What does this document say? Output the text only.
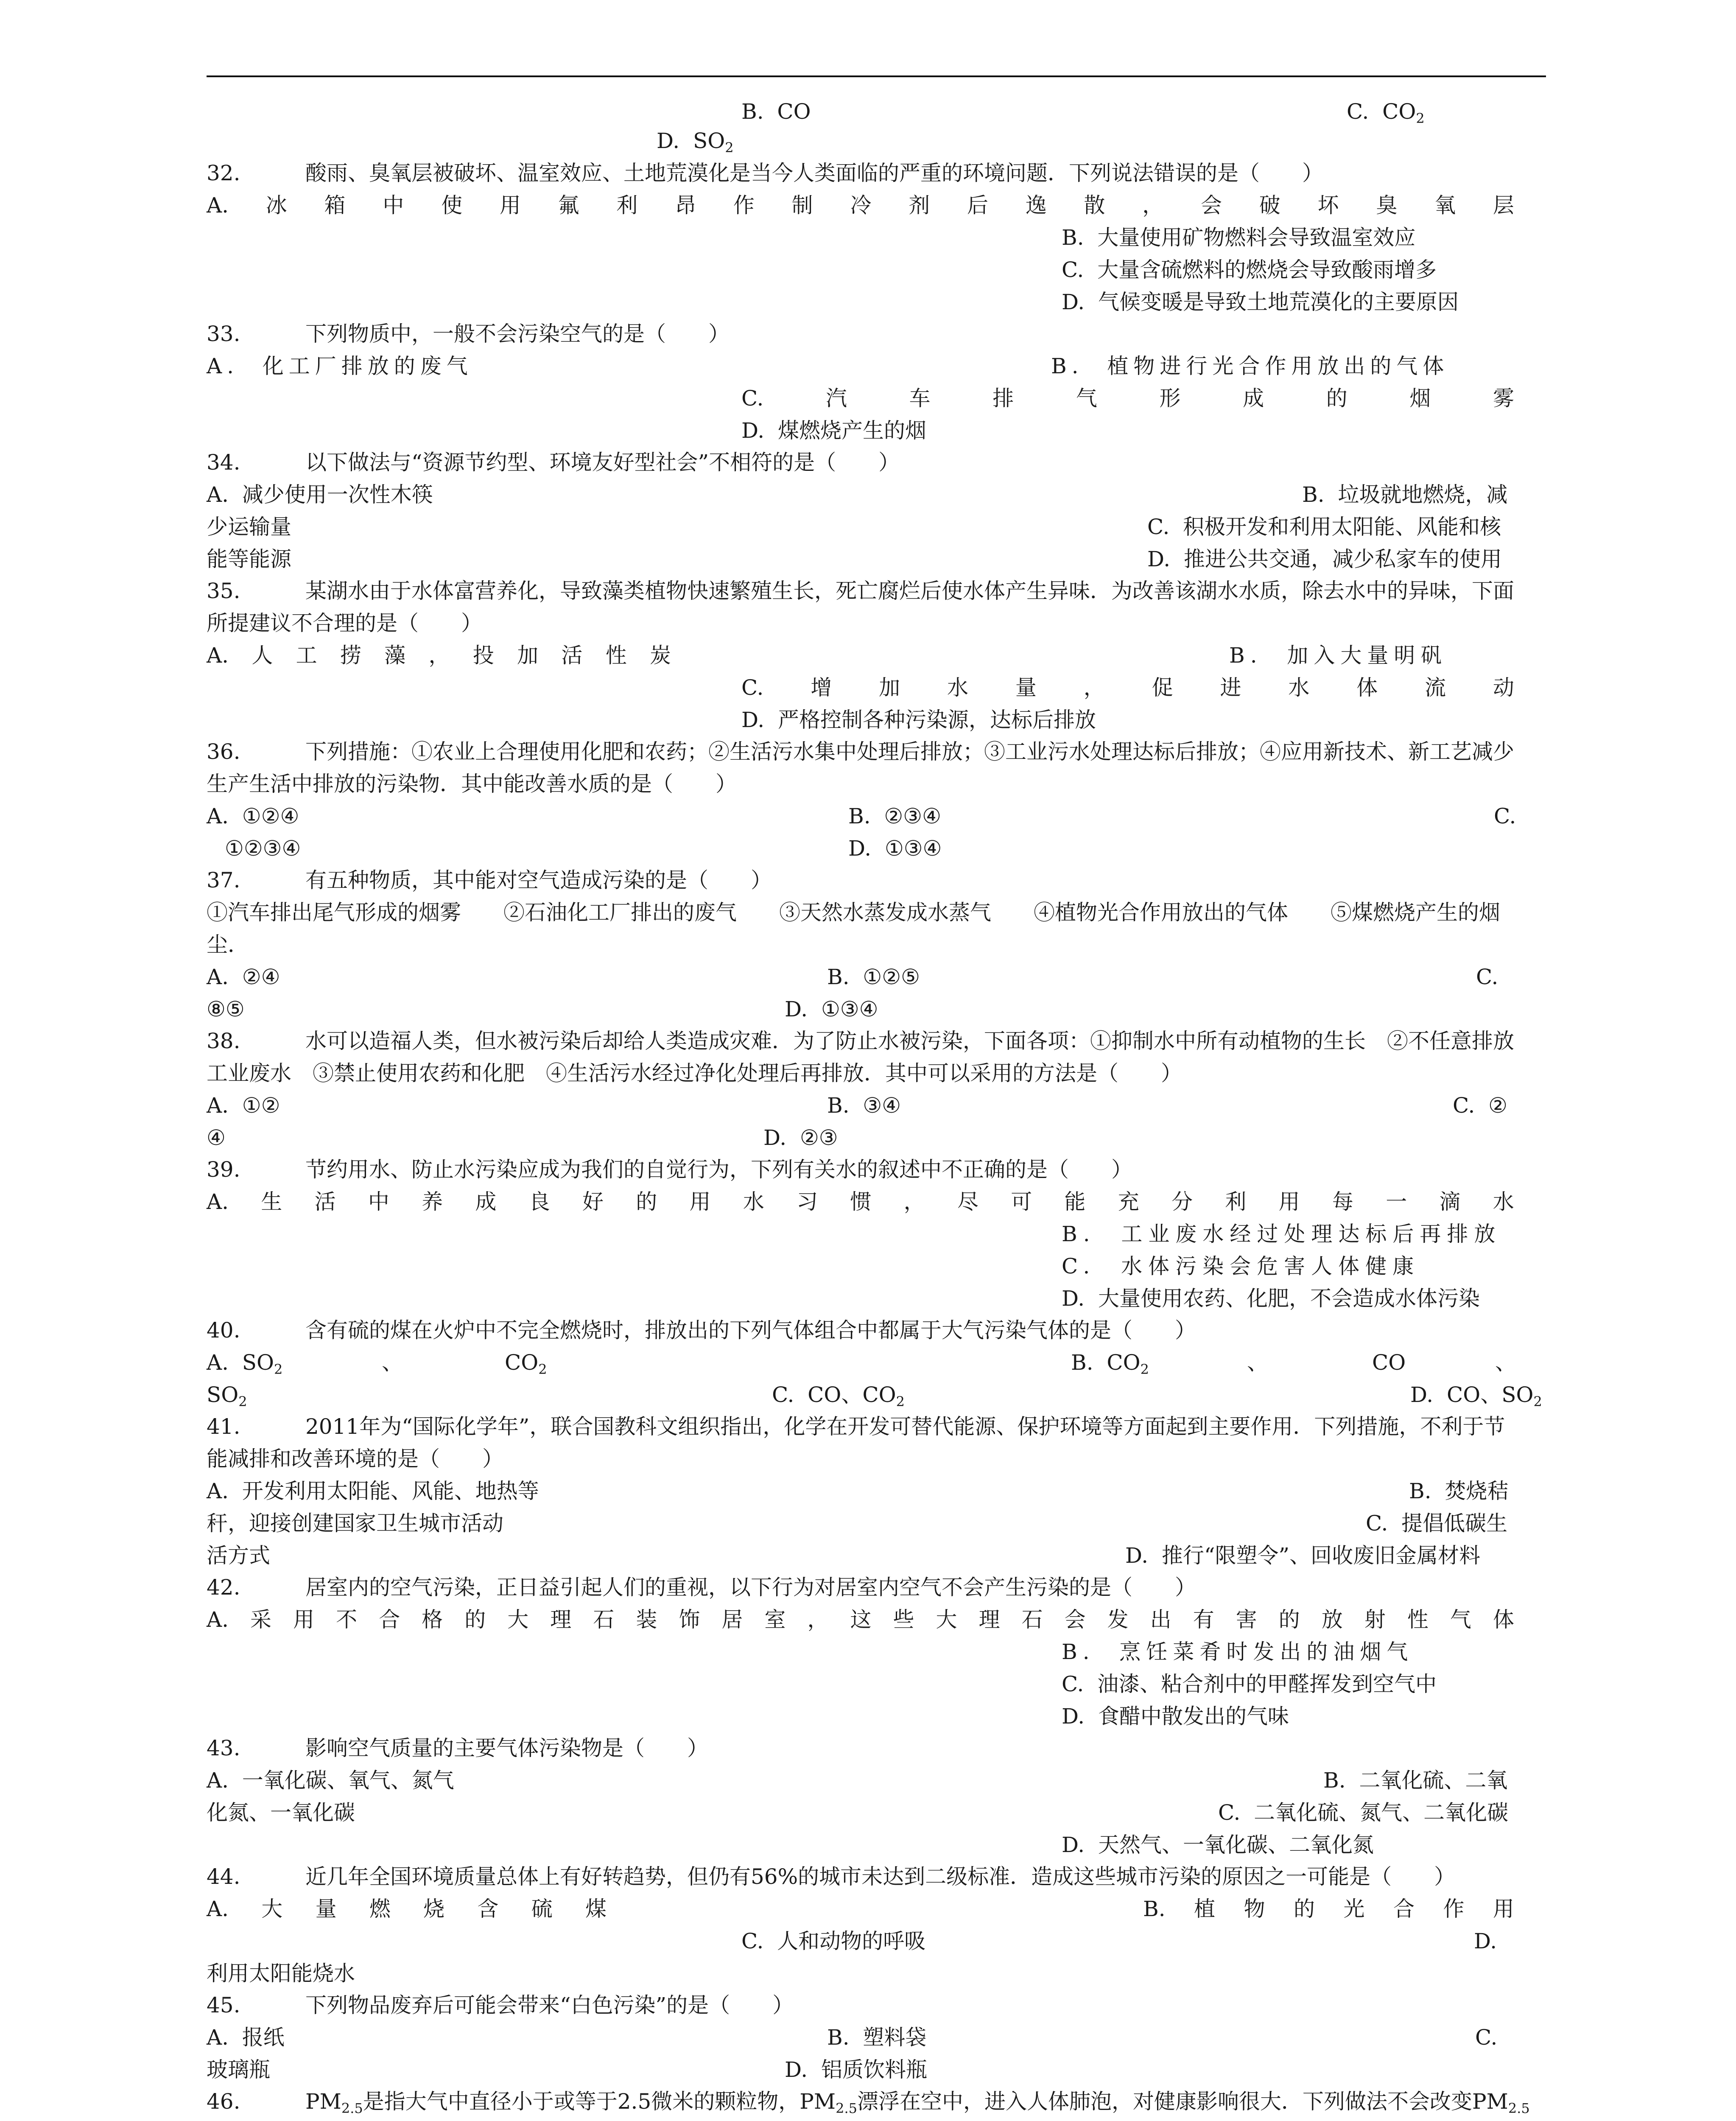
B.  CO	C.  $CO_2$
D.  $SO_2$
32.	酸雨、臭氧层被破坏、温室效应、土地荒漠化是当今人类面临的严重的环境问题．下列说法错误的是（　　）
A. 冰 箱 中 使 用 氟 利 昂 作 制 冷 剂 后 逸 散 ， 会 破 坏 臭 氧 层
B.  大量使用矿物燃料会导致温室效应
C.  大量含硫燃料的燃烧会导致酸雨增多
D.  气候变暖是导致土地荒漠化的主要原因
33.	下列物质中，一般不会污染空气的是（　　）
A.  化工厂排放的废气	B.  植物进行光合作用放出的气体
C.	汽	车	排	气	形	成	的	烟	雾
D.  煤燃烧产生的烟
34.	以下做法与“资源节约型、环境友好型社会”不相符的是（　　）
A.  减少使用一次性木筷	B.  垃圾就地燃烧，减
少运输量	C.  积极开发和利用太阳能、风能和核
能等能源	D.  推进公共交通，减少私家车的使用
35.	某湖水由于水体富营养化，导致藻类植物快速繁殖生长，死亡腐烂后使水体产生异味．为改善该湖水水质，除去水中的异味，下面
所提建议不合理的是（　　）
A. 人 工 捞 藻 ， 投 加 活 性 炭	B.  加入大量明矾
C. 增 加 水 量 ， 促 进 水 体 流 动
D.  严格控制各种污染源，达标后排放
36.	下列措施：①农业上合理使用化肥和农药；②生活污水集中处理后排放；③工业污水处理达标后排放；④应用新技术、新工艺减少
生产生活中排放的污染物．其中能改善水质的是（　　）
A.  ①②④	B.  ②③④	C.
①②③④	D.  ①③④
37.	有五种物质，其中能对空气造成污染的是（　　）
①汽车排出尾气形成的烟雾　　②石油化工厂排出的废气　　③天然水蒸发成水蒸气　　④植物光合作用放出的气体　　⑤煤燃烧产生的烟
尘．
A.  ②④	B.  ①②⑤	C.
⑧⑤	D.  ①③④
38.	水可以造福人类，但水被污染后却给人类造成灾难．为了防止水被污染，下面各项：①抑制水中所有动植物的生长　②不任意排放
工业废水　③禁止使用农药和化肥　④生活污水经过净化处理后再排放．其中可以采用的方法是（　　）
A.  ①②	B.  ③④	C.  ②
④	D.  ②③
39.	节约用水、防止水污染应成为我们的自觉行为，下列有关水的叙述中不正确的是（　　）
A. 生 活 中 养 成 良 好 的 用 水 习 惯 ， 尽 可 能 充 分 利 用 每 一 滴 水
B.  工业废水经过处理达标后再排放
C.  水体污染会危害人体健康
D.  大量使用农药、化肥，不会造成水体污染
40.	含有硫的煤在火炉中不完全燃烧时，排放出的下列气体组合中都属于大气污染气体的是（　　）
A.  $SO_2$	、	$CO_2$
$SO_2$
B.  $CO_2$	、	CO	、
C.  CO、$CO_2$	D.  CO、$SO_2$
41.	2011年为“国际化学年”，联合国教科文组织指出，化学在开发可替代能源、保护环境等方面起到主要作用．下列措施，不利于节
能减排和改善环境的是（　　）
A.  开发利用太阳能、风能、地热等	B.  焚烧秸
秆，迎接创建国家卫生城市活动	C.  提倡低碳生
活方式	D.  推行“限塑令”、回收废旧金属材料
42.	居室内的空气污染，正日益引起人们的重视，以下行为对居室内空气不会产生污染的是（　　）
A. 采 用 不 合 格 的 大 理 石 装 饰 居 室 ， 这 些 大 理 石 会 发 出 有 害 的 放 射 性 气 体
B.  烹饪菜肴时发出的油烟气
C.  油漆、粘合剂中的甲醛挥发到空气中
D.  食醋中散发出的气味
43.	影响空气质量的主要气体污染物是（　　）
A.  一氧化碳、氧气、氮气	B.  二氧化硫、二氧
化氮、一氧化碳	C.  二氧化硫、氮气、二氧化碳
D.  天然气、一氧化碳、二氧化氮
44.	近几年全国环境质量总体上有好转趋势，但仍有56%的城市未达到二级标准．造成这些城市污染的原因之一可能是（　　）
A. 大 量 燃 烧 含 硫 煤	B. 植 物 的 光 合 作 用
C.  人和动物的呼吸	D.
利用太阳能烧水
45.	下列物品废弃后可能会带来“白色污染”的是（　　）
A.  报纸	B.  塑料袋	C.
玻璃瓶	D.  铝质饮料瓶
46.	$PM_{2.5}$是指大气中直径小于或等于2.5微米的颗粒物，$PM_{2.5}$漂浮在空中，进入人体肺泡，对健康影响很大．下列做法不会改变$PM_{2.5}$
